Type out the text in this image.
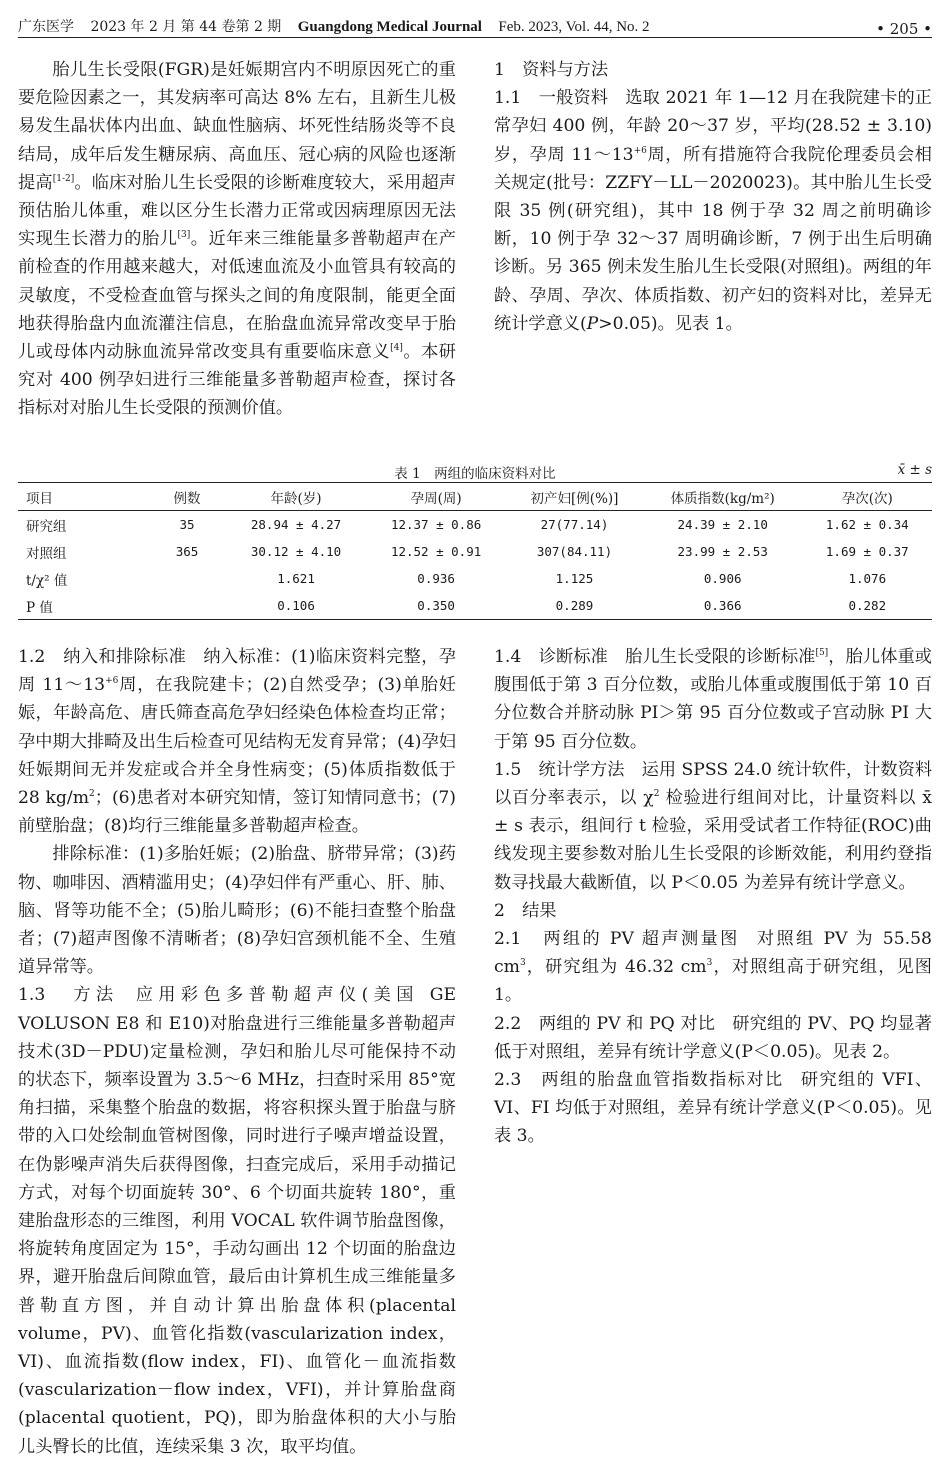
广东医学 2023 年 2 月 第 44 卷第 2 期 Guangdong Medical Journal Feb. 2023, Vol. 44, No. 2	• 205 •

胎儿生长受限(FGR)是妊娠期宫内不明原因死亡的重要危险因素之一，其发病率可高达 8% 左右，且新生儿极易发生晶状体内出血、缺血性脑病、坏死性结肠炎等不良结局，成年后发生糖尿病、高血压、冠心病的风险也逐渐提高[1-2]。临床对胎儿生长受限的诊断难度较大，采用超声预估胎儿体重，难以区分生长潜力正常或因病理原因无法实现生长潜力的胎儿[3]。近年来三维能量多普勒超声在产前检查的作用越来越大，对低速血流及小血管具有较高的灵敏度，不受检查血管与探头之间的角度限制，能更全面地获得胎盘内血流灌注信息，在胎盘血流异常改变早于胎儿或母体内动脉血流异常改变具有重要临床意义[4]。本研究对 400 例孕妇进行三维能量多普勒超声检查，探讨各指标对对胎儿生长受限的预测价值。

1　资料与方法

1.1　一般资料 选取 2021 年 1—12 月在我院建卡的正常孕妇 400 例，年龄 20～37 岁，平均(28.52 ± 3.10)岁，孕周 $11\sim 13^{+6}$周，所有措施符合我院伦理委员会相关规定(批号：ZZFY－LL－2020023)。其中胎儿生长受限 35 例(研究组)，其中 18 例于孕 32 周之前明确诊断，10 例于孕 32～37 周明确诊断，7 例于出生后明确诊断。另 365 例未发生胎儿生长受限(对照组)。两组的年龄、孕周、孕次、体质指数、初产妇的资料对比，差异无统计学意义(P>0.05)。见表 1。

表 1　两组的临床资料对比	x̄ ± s
项目	例数	年龄(岁)	孕周(周)	初产妇[例(%)]	体质指数(kg/m²)	孕次(次)
研究组	35	28.94 ± 4.27	12.37 ± 0.86	27(77.14)	24.39 ± 2.10	1.62 ± 0.34
对照组	365	30.12 ± 4.10	12.52 ± 0.91	307(84.11)	23.99 ± 2.53	1.69 ± 0.37
t/χ² 值		1.621	0.936	1.125	0.906	1.076
P 值		0.106	0.350	0.289	0.366	0.282

1.2　纳入和排除标准 纳入标准：(1)临床资料完整，孕周 $11\sim 13^{+6}$周，在我院建卡；(2)自然受孕；(3)单胎妊娠，年龄高危、唐氏筛查高危孕妇经染色体检查均正常；孕中期大排畸及出生后检查可见结构无发育异常；(4)孕妇妊娠期间无并发症或合并全身性病变；(5)体质指数低于 28 $kg/m^2$；(6)患者对本研究知情，签订知情同意书；(7)前壁胎盘；(8)均行三维能量多普勒超声检查。

排除标准：(1)多胎妊娠；(2)胎盘、脐带异常；(3)药物、咖啡因、酒精滥用史；(4)孕妇伴有严重心、肝、肺、脑、肾等功能不全；(5)胎儿畸形；(6)不能扫查整个胎盘者；(7)超声图像不清晰者；(8)孕妇宫颈机能不全、生殖道异常等。

1.3　方法 应用彩色多普勒超声仪(美国 GE VOLUSON E8 和 E10)对胎盘进行三维能量多普勒超声技术(3D－PDU)定量检测，孕妇和胎儿尽可能保持不动的状态下，频率设置为 3.5～6 MHz，扫查时采用 85°宽角扫描，采集整个胎盘的数据，将容积探头置于胎盘与脐带的入口处绘制血管树图像，同时进行子噪声增益设置，在伪影噪声消失后获得图像，扫查完成后，采用手动描记方式，对每个切面旋转 30°、6 个切面共旋转 180°，重建胎盘形态的三维图，利用 VOCAL 软件调节胎盘图像，将旋转角度固定为 15°，手动勾画出 12 个切面的胎盘边界，避开胎盘后间隙血管，最后由计算机生成三维能量多普勒直方图，并自动计算出胎盘体积(placental volume，PV)、血管化指数(vascularization index，VI)、血流指数(flow index，FI)、血管化－血流指数(vascularization－flow index，VFI)，并计算胎盘商(placental quotient，PQ)，即为胎盘体积的大小与胎儿头臀长的比值，连续采集 3 次，取平均值。

1.4　诊断标准 胎儿生长受限的诊断标准[5]，胎儿体重或腹围低于第 3 百分位数，或胎儿体重或腹围低于第 10 百分位数合并脐动脉 PI＞第 95 百分位数或子宫动脉 PI 大于第 95 百分位数。

1.5　统计学方法 运用 SPSS 24.0 统计软件，计数资料以百分率表示，以 $\chi^2$ 检验进行组间对比，计量资料以 x̄ ± s 表示，组间行 t 检验，采用受试者工作特征(ROC)曲线发现主要参数对胎儿生长受限的诊断效能，利用约登指数寻找最大截断值，以 P＜0.05 为差异有统计学意义。

2　结果

2.1　两组的 PV 超声测量图 对照组 PV 为 55.58 $cm^3$，研究组为 46.32 $cm^3$，对照组高于研究组，见图 1。

2.2　两组的 PV 和 PQ 对比 研究组的 PV、PQ 均显著低于对照组，差异有统计学意义(P＜0.05)。见表 2。

2.3　两组的胎盘血管指数指标对比 研究组的 VFI、VI、FI 均低于对照组，差异有统计学意义(P＜0.05)。见表 3。
